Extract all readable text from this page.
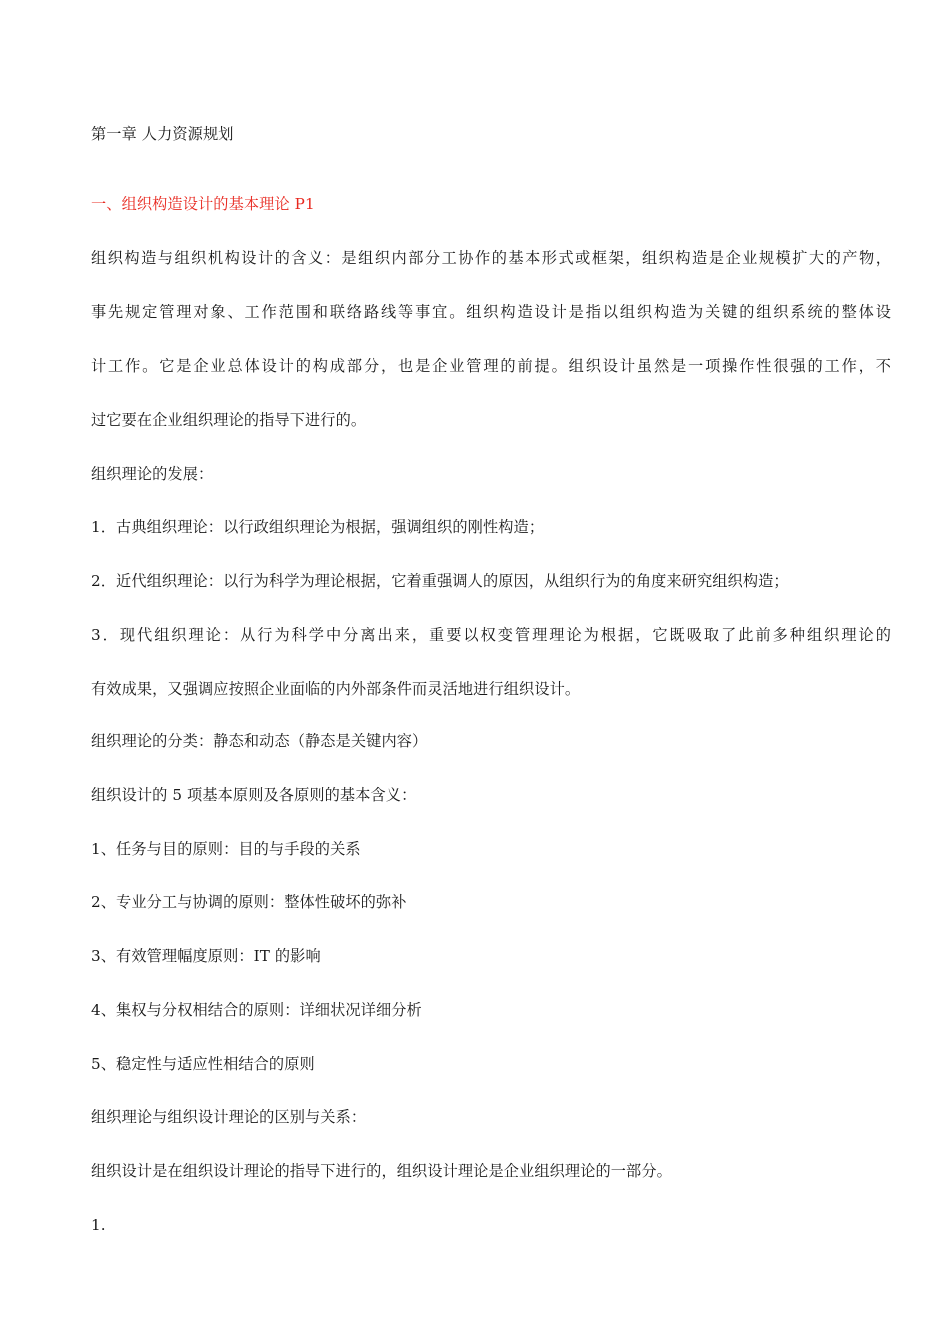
第一章 人力资源规划
一、组织构造设计的基本理论 P1
组织构造与组织机构设计的含义：是组织内部分工协作的基本形式或框架，组织构造是企业规模扩大的产物，
事先规定管理对象、工作范围和联络路线等事宜。组织构造设计是指以组织构造为关键的组织系统的整体设
计工作。它是企业总体设计的构成部分，也是企业管理的前提。组织设计虽然是一项操作性很强的工作，不
过它要在企业组织理论的指导下进行的。
组织理论的发展：
1．古典组织理论：以行政组织理论为根据，强调组织的刚性构造；
2．近代组织理论：以行为科学为理论根据，它着重强调人的原因，从组织行为的角度来研究组织构造；
3．现代组织理论：从行为科学中分离出来，重要以权变管理理论为根据，它既吸取了此前多种组织理论的
有效成果，又强调应按照企业面临的内外部条件而灵活地进行组织设计。
组织理论的分类：静态和动态（静态是关键内容）
组织设计的 5 项基本原则及各原则的基本含义：
1、任务与目的原则：目的与手段的关系
2、专业分工与协调的原则：整体性破坏的弥补
3、有效管理幅度原则：IT 的影响
4、集权与分权相结合的原则：详细状况详细分析
5、稳定性与适应性相结合的原则
组织理论与组织设计理论的区别与关系：
组织设计是在组织设计理论的指导下进行的，组织设计理论是企业组织理论的一部分。
1.
